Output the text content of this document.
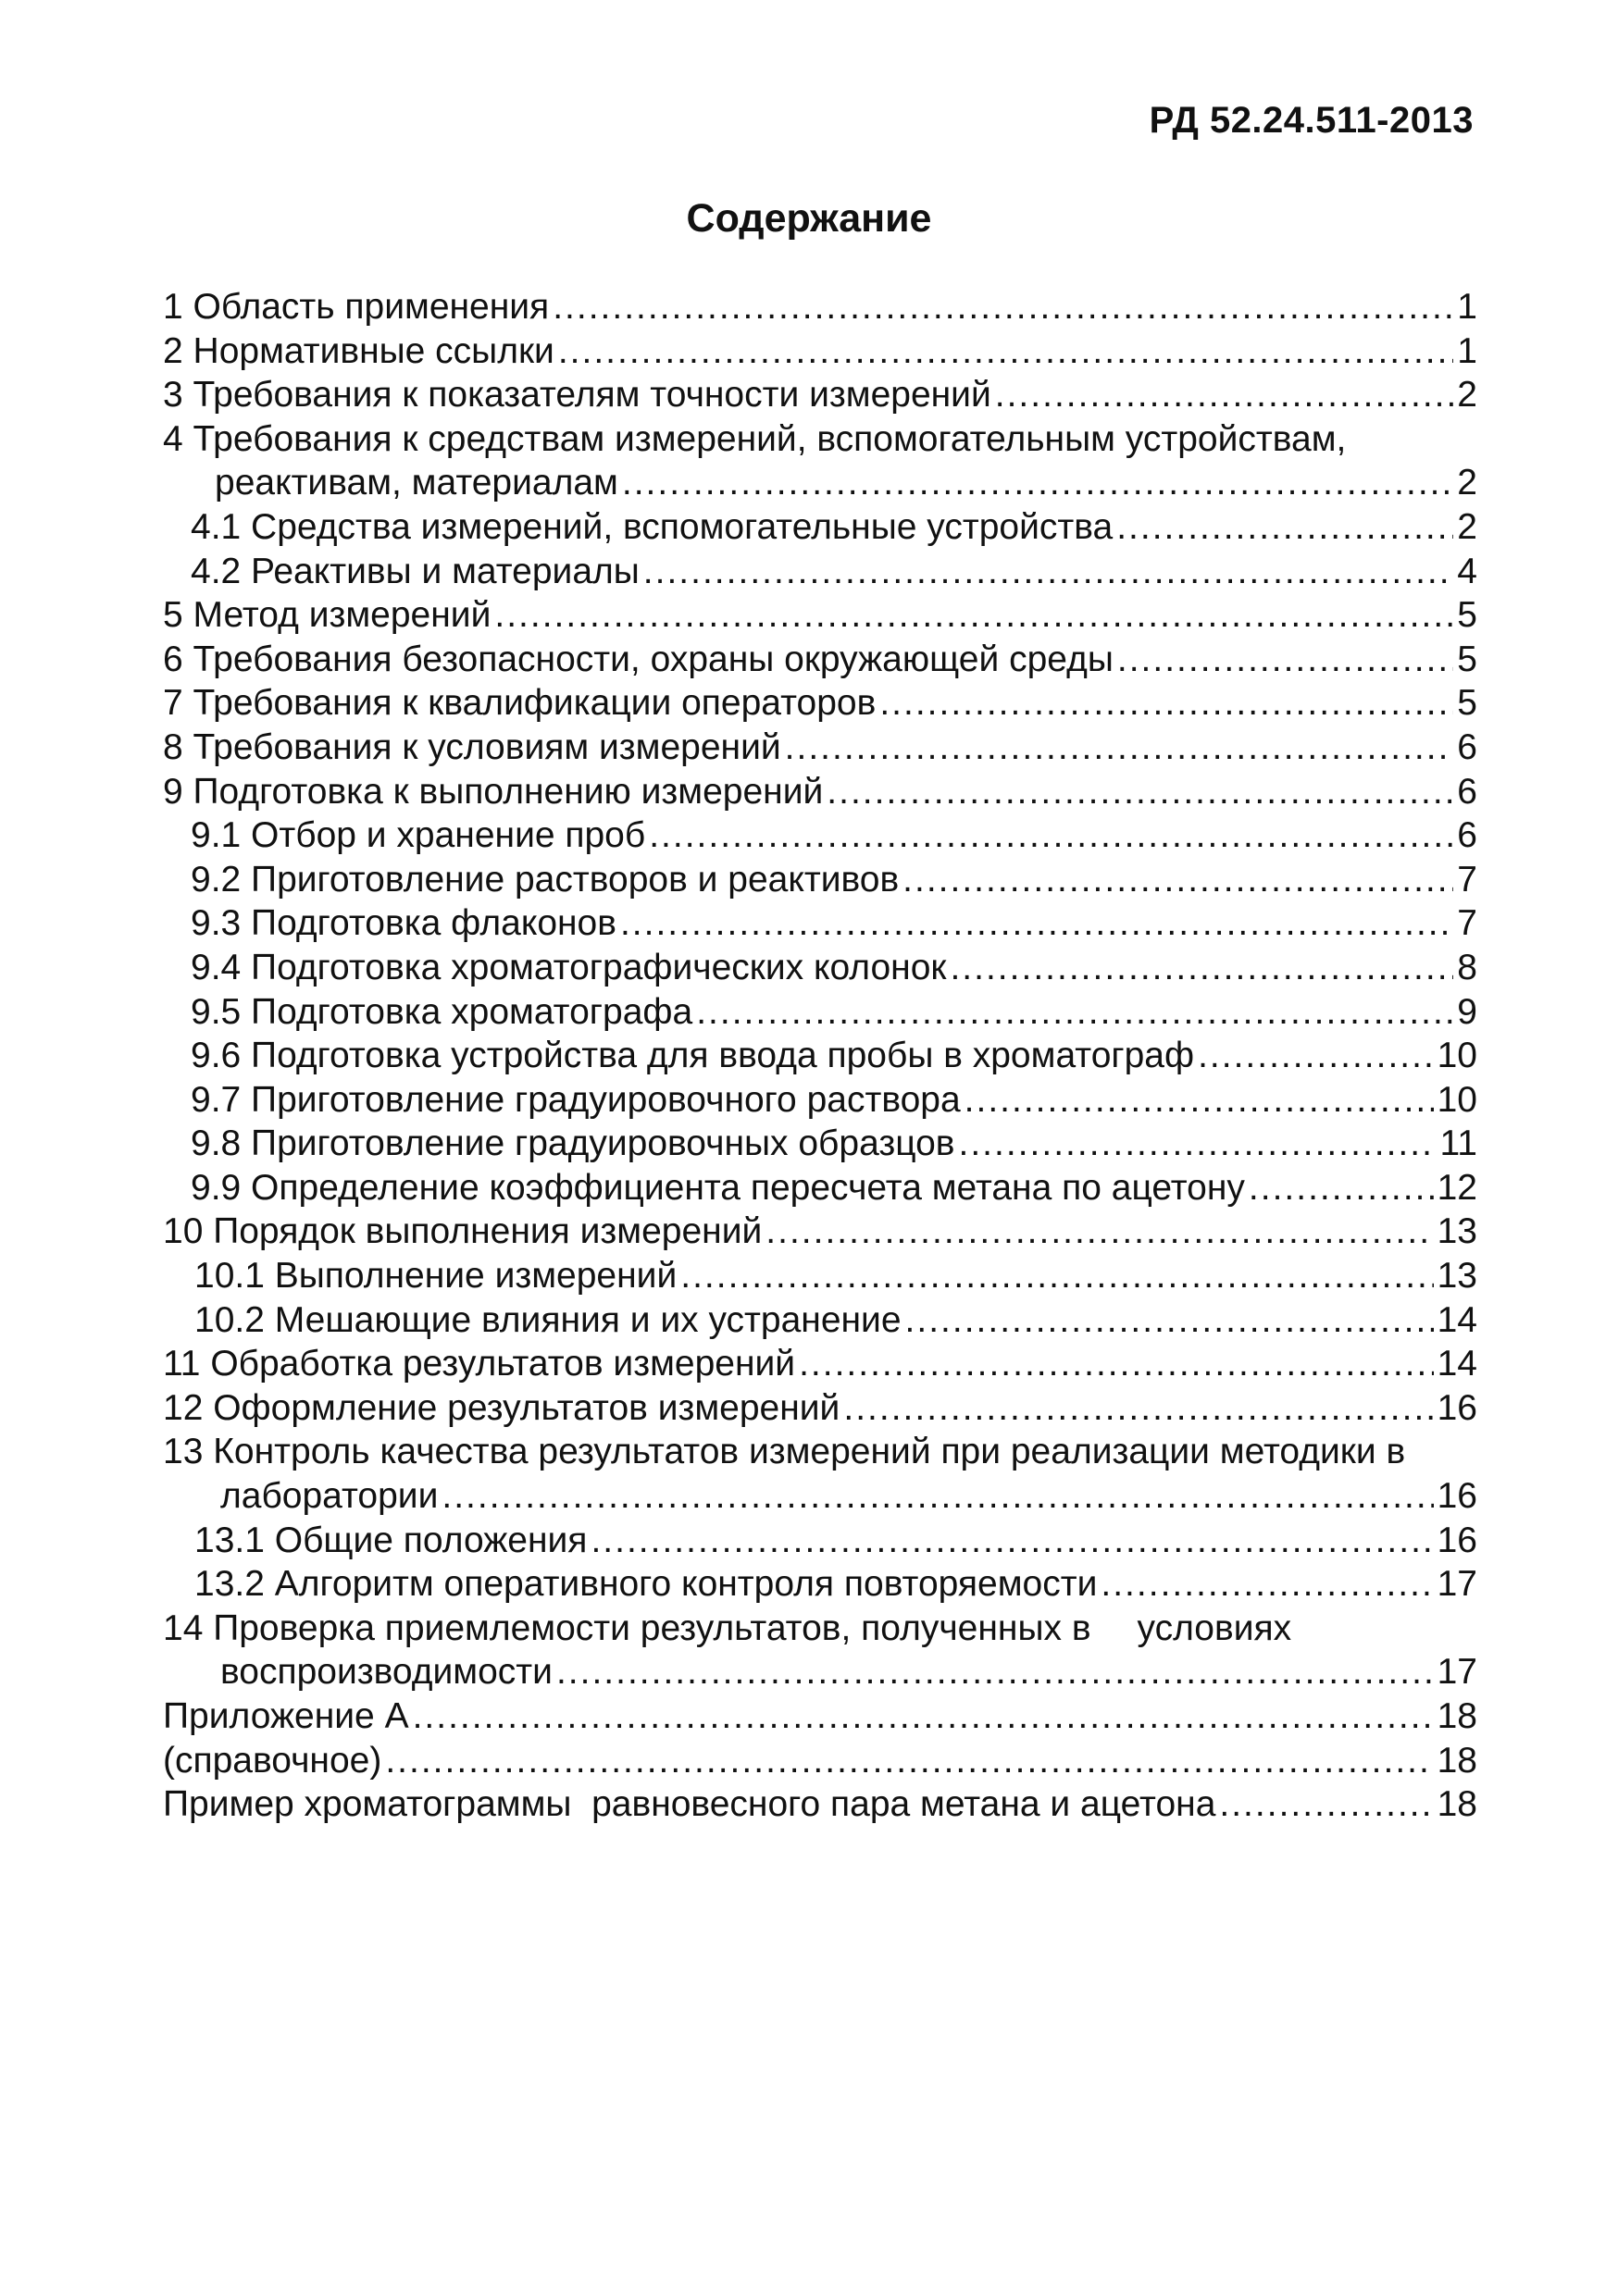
РД 52.24.511-2013
Содержание
1 Область применения .....	1
2 Нормативные ссылки .....	1
3 Требования к показателям точности измерений .....	2
4 Требования к средствам измерений, вспомогательным устройствам,
реактивам, материалам .....	2
4.1 Средства измерений, вспомогательные устройства .....	2
4.2 Реактивы и материалы .....	4
5 Метод измерений .....	5
6 Требования безопасности, охраны окружающей среды .....	5
7 Требования к квалификации операторов .....	5
8 Требования к условиям измерений .....	6
9 Подготовка к выполнению измерений .....	6
9.1 Отбор и хранение проб .....	6
9.2 Приготовление растворов и реактивов .....	7
9.3 Подготовка флаконов .....	7
9.4 Подготовка хроматографических колонок .....	8
9.5 Подготовка хроматографа .....	9
9.6 Подготовка устройства для ввода пробы в хроматограф .....	10
9.7 Приготовление градуировочного раствора .....	10
9.8 Приготовление градуировочных образцов .....	11
9.9 Определение коэффициента пересчета метана по ацетону .....	12
10 Порядок выполнения измерений .....	13
10.1 Выполнение измерений .....	13
10.2 Мешающие влияния и их устранение .....	14
11 Обработка результатов измерений .....	14
12 Оформление результатов измерений .....	16
13 Контроль качества результатов измерений при реализации методики в
лаборатории .....	16
13.1 Общие положения .....	16
13.2 Алгоритм оперативного контроля повторяемости .....	17
14 Проверка приемлемости результатов, полученных в условиях
воспроизводимости .....	17
Приложение А .....	18
(справочное) .....	18
Пример хроматограммы  равновесного пара метана и ацетона .....	18
